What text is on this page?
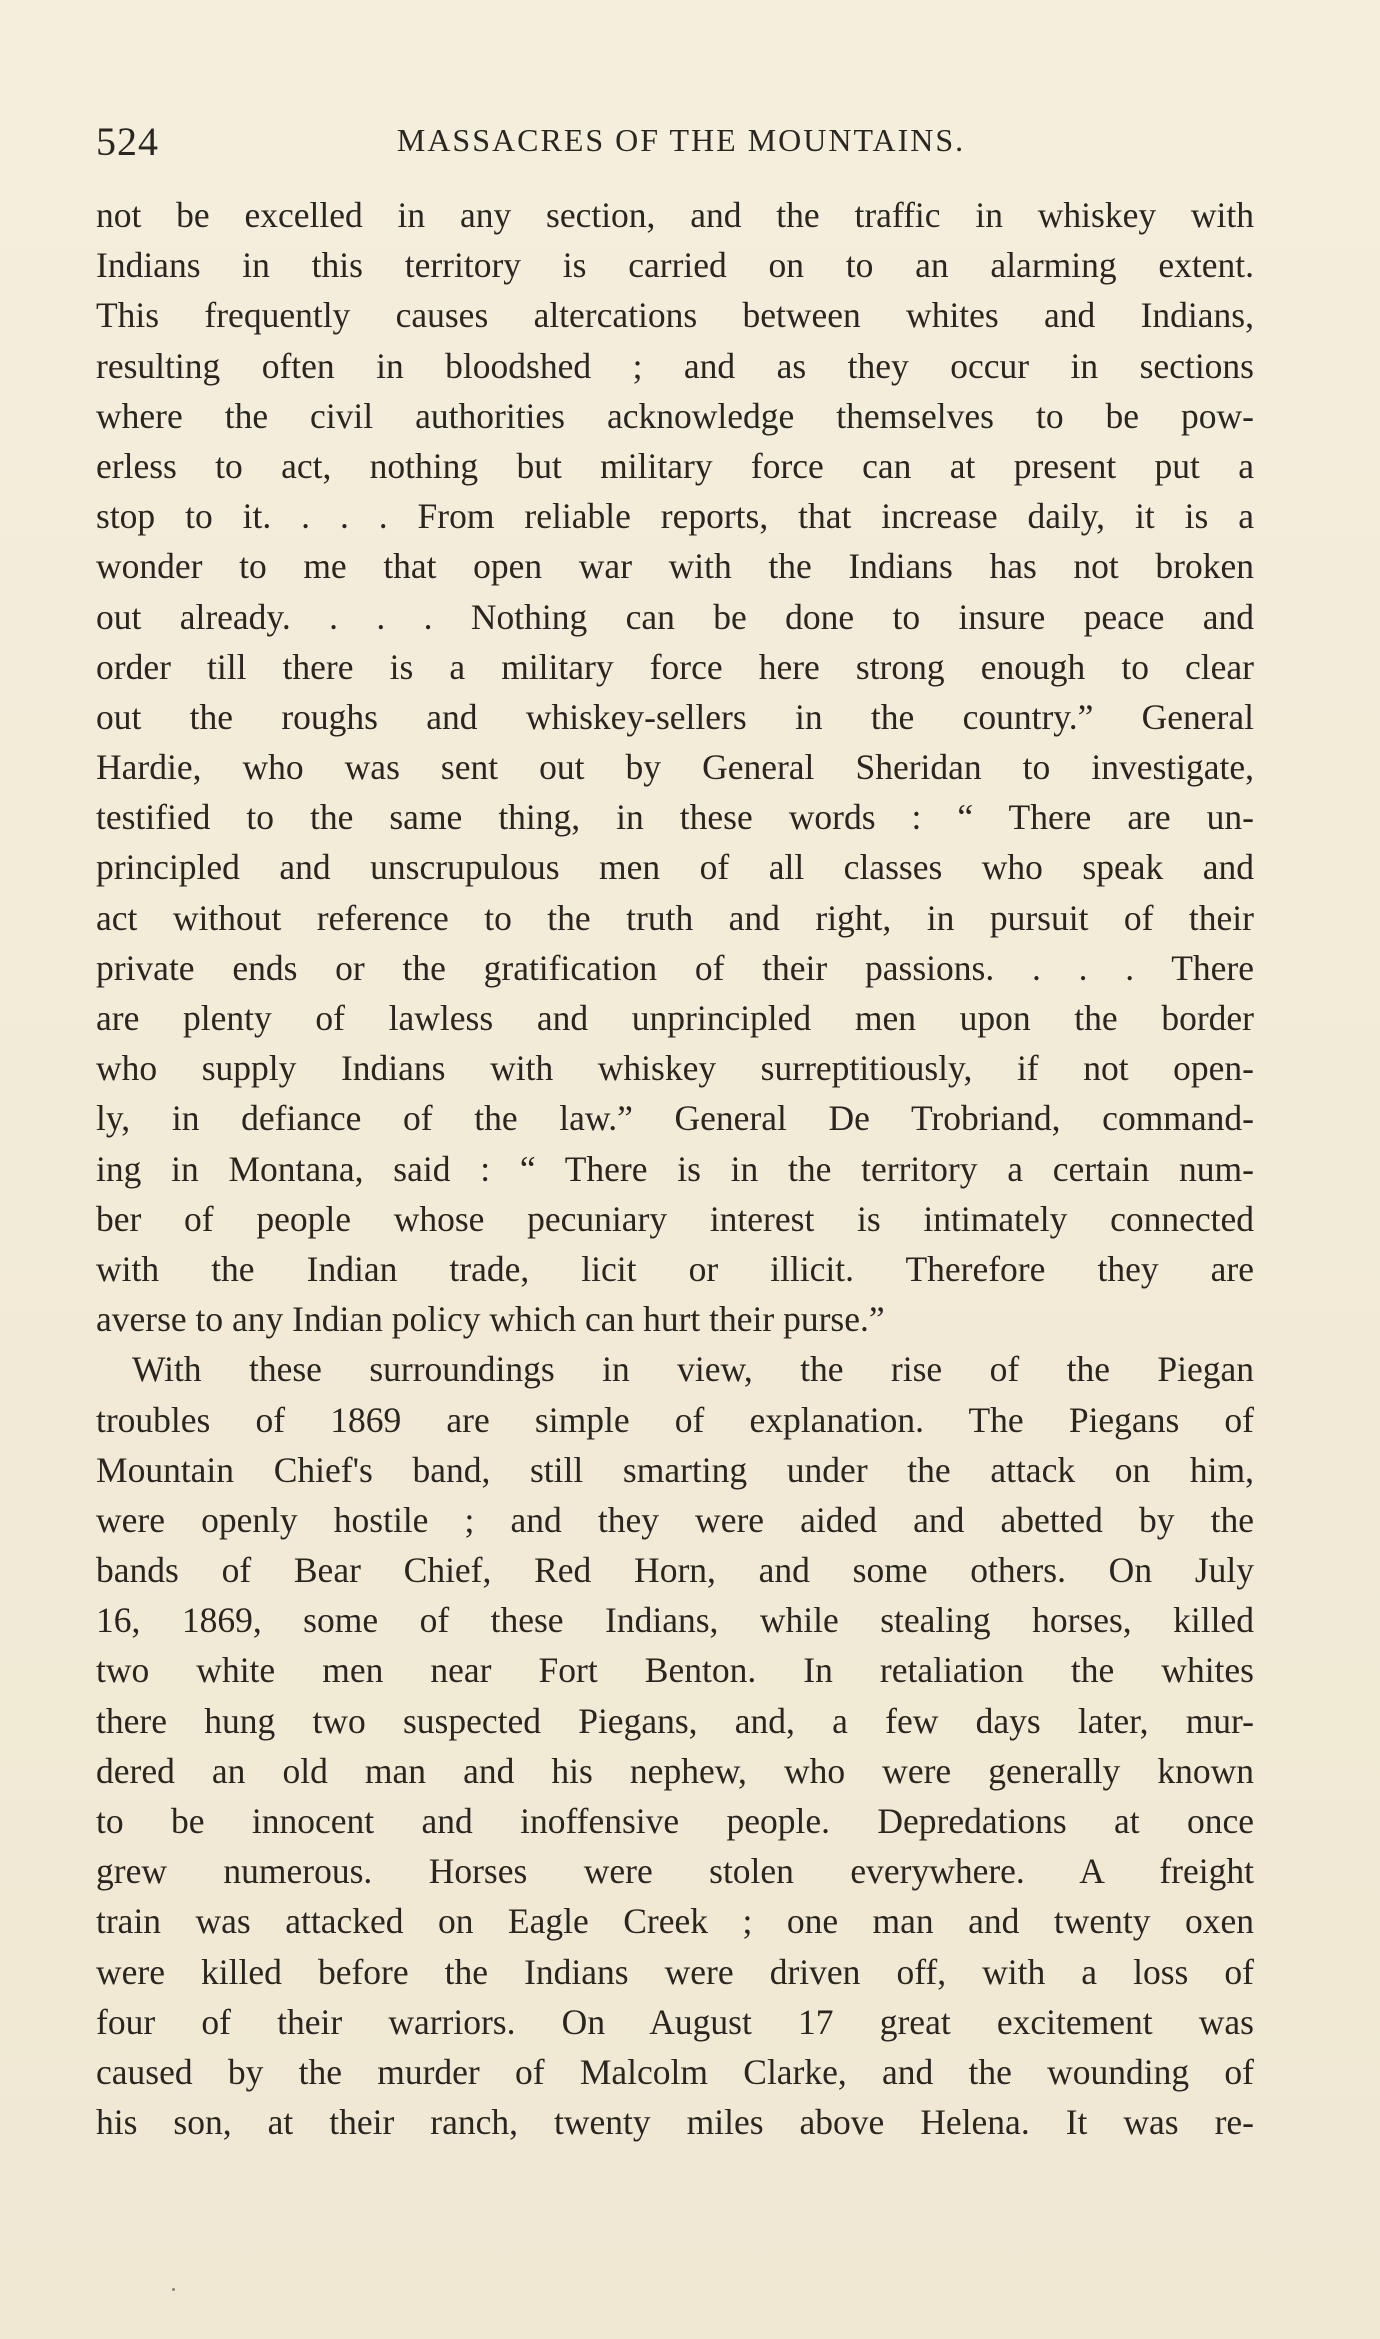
524	MASSACRES OF THE MOUNTAINS.
not be excelled in any section, and the traffic in whiskey with
Indians in this territory is carried on to an alarming extent.
This frequently causes altercations between whites and Indians,
resulting often in bloodshed ; and as they occur in sections
where the civil authorities acknowledge themselves to be pow-
erless to act, nothing but military force can at present put a
stop to it. . . . From reliable reports, that increase daily, it is a
wonder to me that open war with the Indians has not broken
out already. . . . Nothing can be done to insure peace and
order till there is a military force here strong enough to clear
out the roughs and whiskey-sellers in the country.” General
Hardie, who was sent out by General Sheridan to investigate,
testified to the same thing, in these words : “ There are un-
principled and unscrupulous men of all classes who speak and
act without reference to the truth and right, in pursuit of their
private ends or the gratification of their passions. . . . There
are plenty of lawless and unprincipled men upon the border
who supply Indians with whiskey surreptitiously, if not open-
ly, in defiance of the law.” General De Trobriand, command-
ing in Montana, said : “ There is in the territory a certain num-
ber of people whose pecuniary interest is intimately connected
with the Indian trade, licit or illicit. Therefore they are
averse to any Indian policy which can hurt their purse.”
With these surroundings in view, the rise of the Piegan
troubles of 1869 are simple of explanation. The Piegans of
Mountain Chief's band, still smarting under the attack on him,
were openly hostile ; and they were aided and abetted by the
bands of Bear Chief, Red Horn, and some others. On July
16, 1869, some of these Indians, while stealing horses, killed
two white men near Fort Benton. In retaliation the whites
there hung two suspected Piegans, and, a few days later, mur-
dered an old man and his nephew, who were generally known
to be innocent and inoffensive people. Depredations at once
grew numerous. Horses were stolen everywhere. A freight
train was attacked on Eagle Creek ; one man and twenty oxen
were killed before the Indians were driven off, with a loss of
four of their warriors. On August 17 great excitement was
caused by the murder of Malcolm Clarke, and the wounding of
his son, at their ranch, twenty miles above Helena. It was re-
